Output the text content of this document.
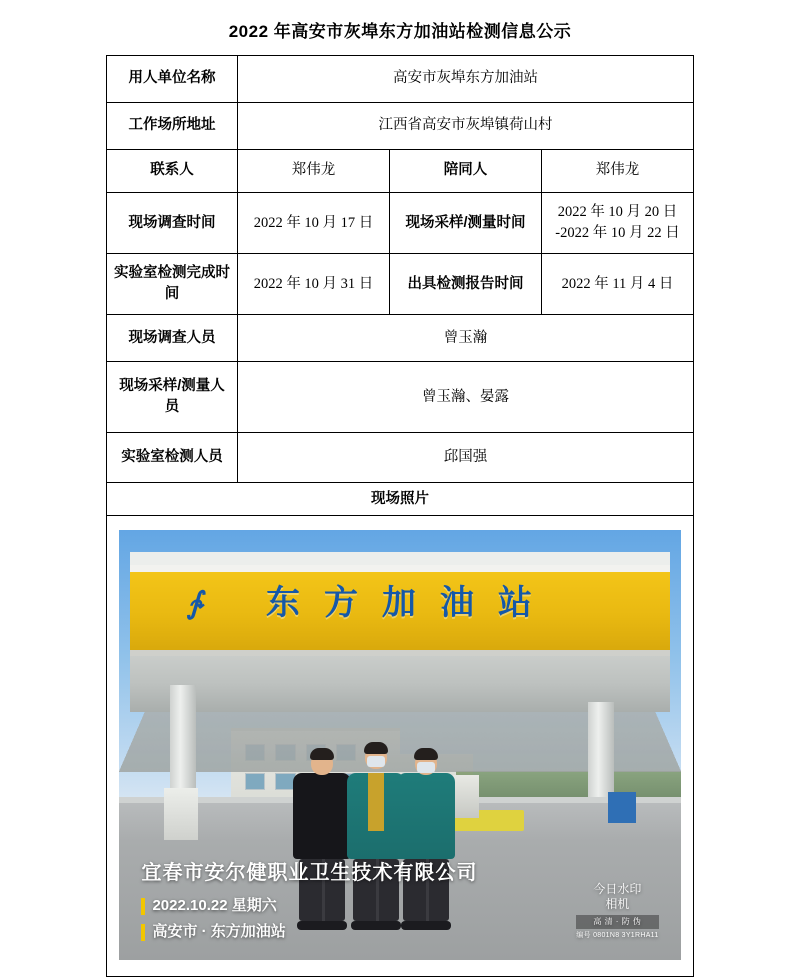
2022 年高安市灰埠东方加油站检测信息公示
用人单位名称	高安市灰埠东方加油站		

工作场所地址	江西省高安市灰埠镇荷山村		

联系人	郑伟龙	陪同人	郑伟龙

现场调查时间	2022 年 10 月 17 日	现场采样/测量时间	2022 年 10 月 20 日 -2022 年 10 月 22 日

实验室检测完成时间	2022 年 10 月 31 日	出具检测报告时间	2022 年 11 月 4 日

现场调查人员	曾玉瀚		

现场采样/测量人员	曾玉瀚、晏露		

实验室检测人员	邱国强		

现场照片			

∱ 东 方 加 油 站
宜春市安尔健职业卫生技术有限公司
2022.10.22 星期六
高安市 · 东方加油站
今日水印
相机
高 清 · 防 伪
编号 0801N8 3Y1RHA11
